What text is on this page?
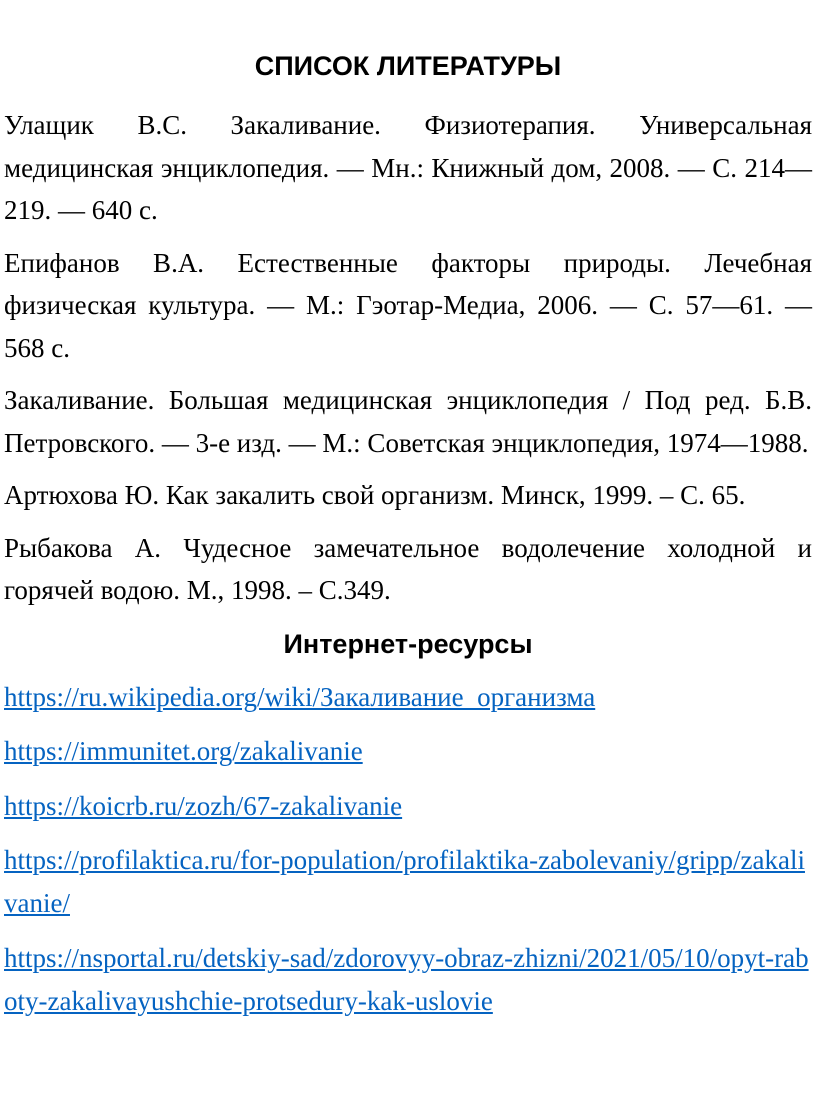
СПИСОК ЛИТЕРАТУРЫ

Улащик В.С. Закаливание. Физиотерапия. Универсальная медицинская энциклопедия. — Мн.: Книжный дом, 2008. — С. 214—219. — 640 с.

Епифанов В.А. Естественные факторы природы. Лечебная физическая культура. — М.: Гэотар-Медиа, 2006. — С. 57—61. — 568 с.

Закаливание. Большая медицинская энциклопедия / Под ред. Б.В. Петровского. — 3-е изд. — М.: Советская энциклопедия, 1974—1988.

Артюхова Ю. Как закалить свой организм. Минск, 1999. – С. 65.

Рыбакова А. Чудесное замечательное водолечение холодной и горячей водою. М., 1998. – С.349.

Интернет-ресурсы
https://ru.wikipedia.org/wiki/Закаливание_организма
https://immunitet.org/zakalivanie
https://koicrb.ru/zozh/67-zakalivanie
https://profilaktica.ru/for-population/profilaktika-zabolevaniy/gripp/zakalivanie/
https://nsportal.ru/detskiy-sad/zdorovyy-obraz-zhizni/2021/05/10/opyt-raboty-zakalivayushchie-protsedury-kak-uslovie
